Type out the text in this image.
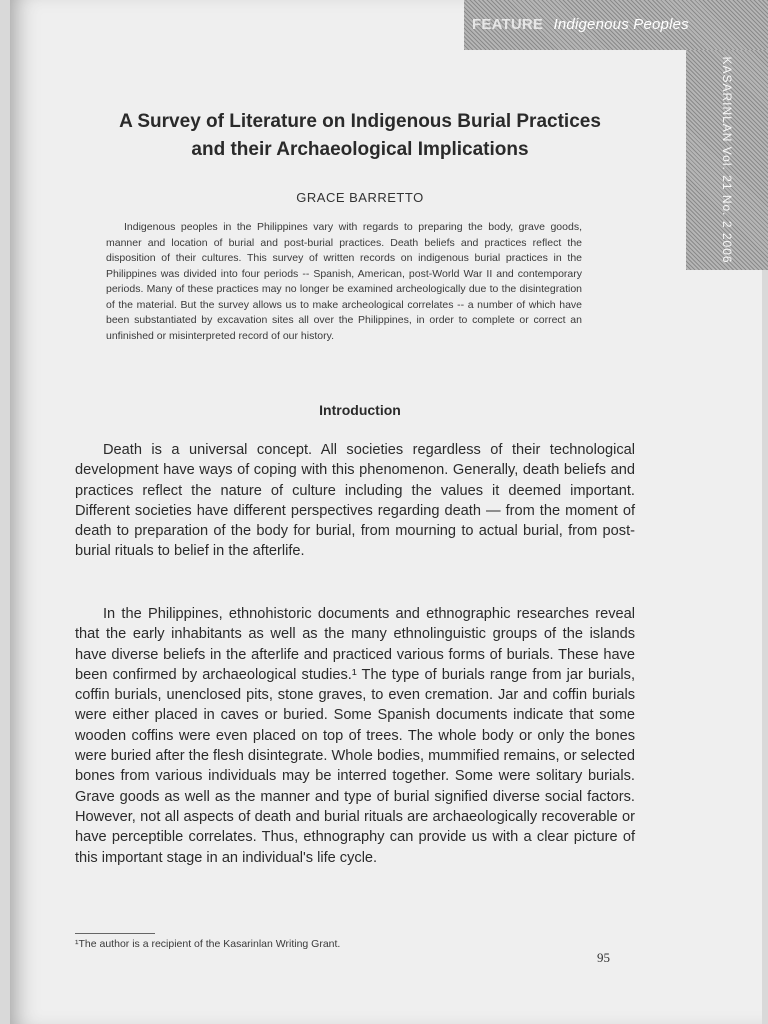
FEATURE Indigenous Peoples
KASARINLAN Vol. 21 No. 2 2006
A Survey of Literature on Indigenous Burial Practices and their Archaeological Implications
GRACE BARRETTO

Indigenous peoples in the Philippines vary with regards to preparing the body, grave goods, manner and location of burial and post-burial practices. Death beliefs and practices reflect the disposition of their cultures. This survey of written records on indigenous burial practices in the Philippines was divided into four periods -- Spanish, American, post-World War II and contemporary periods. Many of these practices may no longer be examined archeologically due to the disintegration of the material. But the survey allows us to make archeological correlates -- a number of which have been substantiated by excavation sites all over the Philippines, in order to complete or correct an unfinished or misinterpreted record of our history.

Introduction

Death is a universal concept. All societies regardless of their technological development have ways of coping with this phenomenon. Generally, death beliefs and practices reflect the nature of culture including the values it deemed important. Different societies have different perspectives regarding death — from the moment of death to preparation of the body for burial, from mourning to actual burial, from post-burial rituals to belief in the afterlife.

In the Philippines, ethnohistoric documents and ethnographic researches reveal that the early inhabitants as well as the many ethnolinguistic groups of the islands have diverse beliefs in the afterlife and practiced various forms of burials. These have been confirmed by archaeological studies.¹ The type of burials range from jar burials, coffin burials, unenclosed pits, stone graves, to even cremation. Jar and coffin burials were either placed in caves or buried. Some Spanish documents indicate that some wooden coffins were even placed on top of trees. The whole body or only the bones were buried after the flesh disintegrate. Whole bodies, mummified remains, or selected bones from various individuals may be interred together. Some were solitary burials. Grave goods as well as the manner and type of burial signified diverse social factors. However, not all aspects of death and burial rituals are archaeologically recoverable or have perceptible correlates. Thus, ethnography can provide us with a clear picture of this important stage in an individual's life cycle.

¹The author is a recipient of the Kasarinlan Writing Grant.
95
